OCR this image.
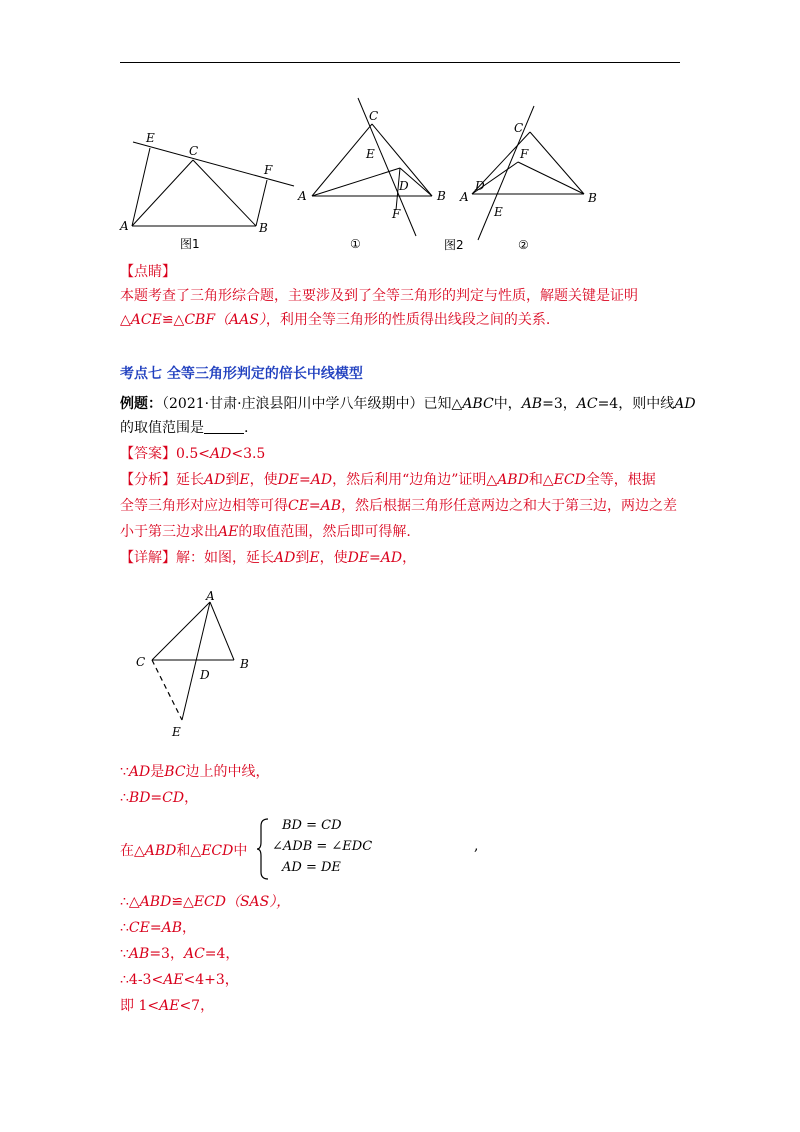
E
C
F
A	B
图1
C
E
D
A	B
F
①
C
F
D
A	B
E
图2	②
【点睛】
本题考查了三角形综合题，主要涉及到了全等三角形的判定与性质，解题关键是证明
△ACE≌△CBF（AAS），利用全等三角形的性质得出线段之间的关系.
考点七 全等三角形判定的倍长中线模型
例题：（2021·甘肃·庄浪县阳川中学八年级期中）已知△ABC中，AB=3，AC=4，则中线AD
的取值范围是	.
【答案】0.5<AD<3.5
【分析】延长AD到E，使DE=AD，然后利用“边角边”证明△ABD和△ECD全等，根据
全等三角形对应边相等可得CE=AB，然后根据三角形任意两边之和大于第三边，两边之差
小于第三边求出AE的取值范围，然后即可得解.
【详解】解：如图，延长AD到E，使DE=AD，
A
C
D
B
E
∵AD是BC边上的中线，
∴BD=CD，
在△ABD和△ECD中
BD = CD
∠ADB = ∠EDC
AD = DE
,
∴△ABD≌△ECD（SAS），
∴CE=AB，
∵AB=3，AC=4，
∴4-3<AE<4+3，
即 1<AE<7，
